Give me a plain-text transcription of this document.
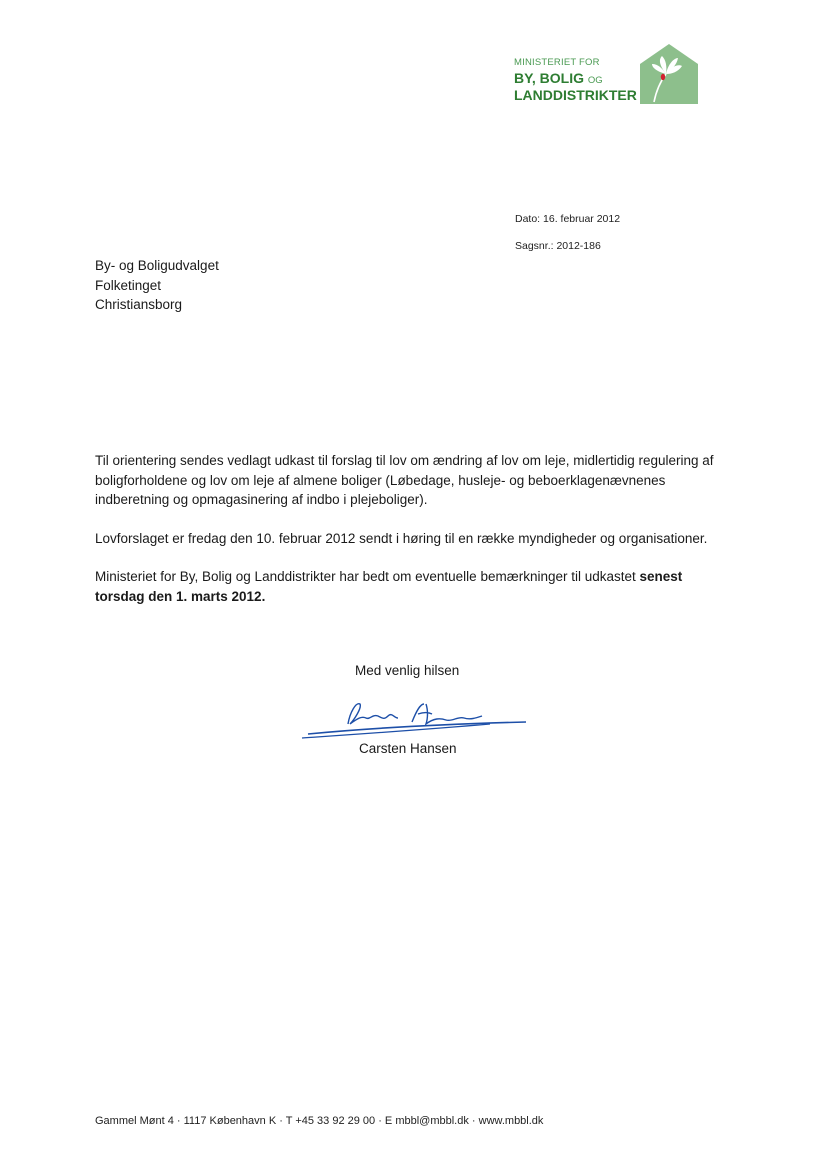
MINISTERIET FOR
BY, BOLIG OG
LANDDISTRIKTER
Dato: 16. februar 2012
Sagsnr.: 2012-186
By- og Boligudvalget
Folketinget
Christiansborg

Til orientering sendes vedlagt udkast til forslag til lov om ændring af lov om leje, midlertidig regulering af boligforholdene og lov om leje af almene boliger (Løbedage, husleje- og beboerklagenævnenes indberetning og opmagasinering af indbo i plejeboliger).

Lovforslaget er fredag den 10. februar 2012 sendt i høring til en række myndigheder og organisationer.

Ministeriet for By, Bolig og Landdistrikter har bedt om eventuelle bemærkninger til udkastet senest torsdag den 1. marts 2012.

Med venlig hilsen
Carsten Hansen
Gammel Mønt 4 · 1117 København K · T +45 33 92 29 00 · E mbbl@mbbl.dk · www.mbbl.dk
